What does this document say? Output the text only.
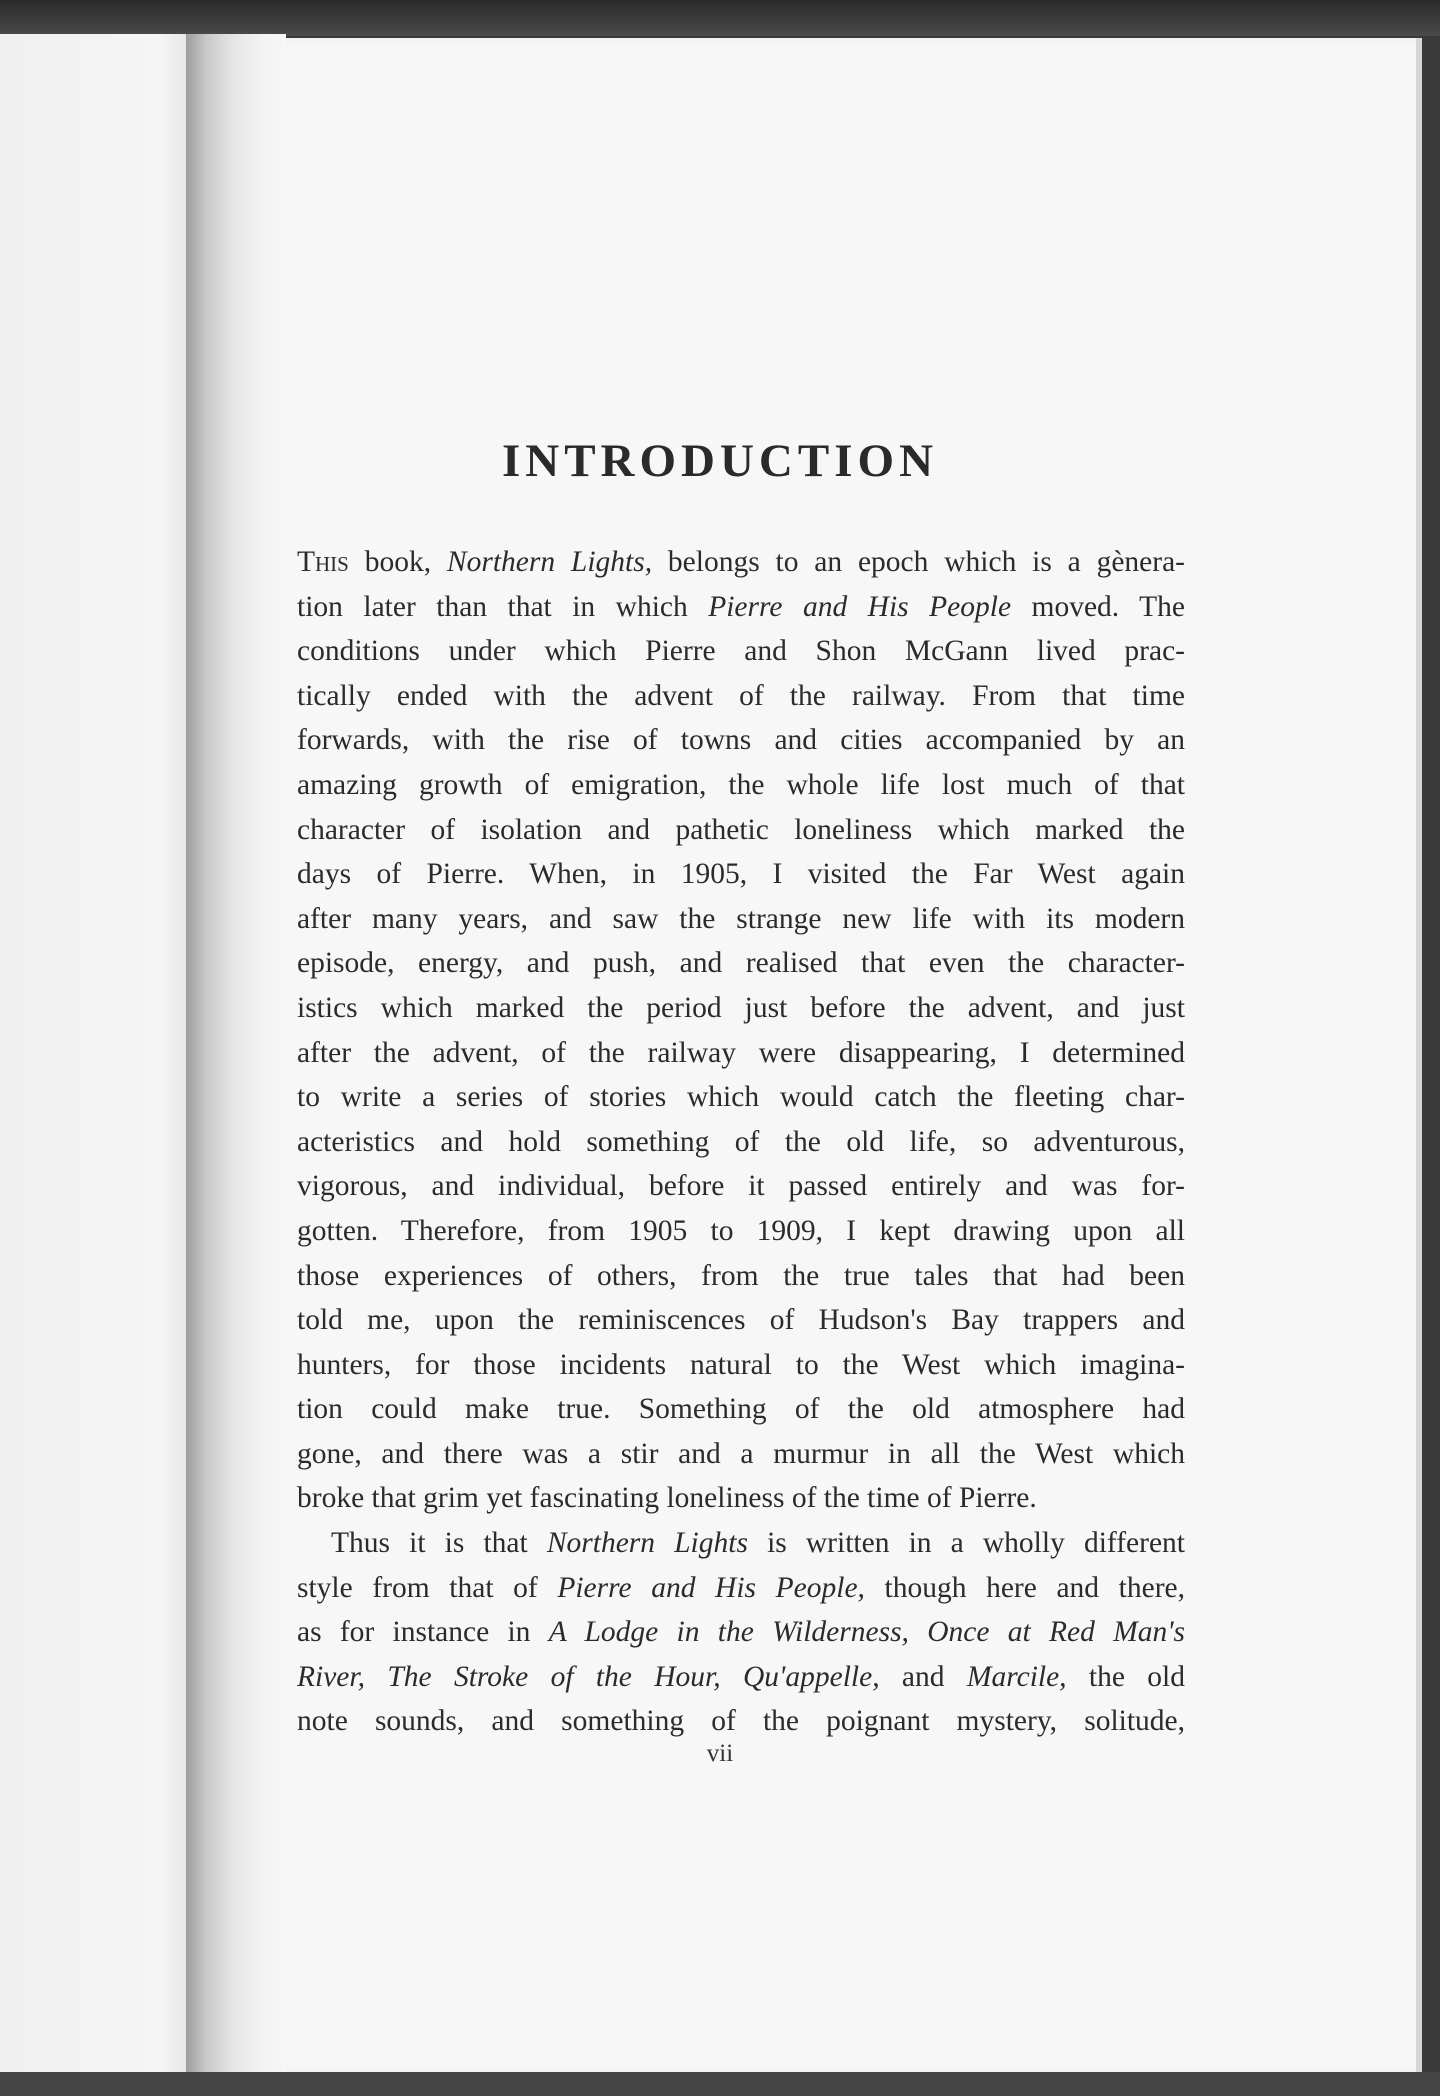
INTRODUCTION
This book, Northern Lights, belongs to an epoch which is a gènera-
tion later than that in which Pierre and His People moved. The
conditions under which Pierre and Shon McGann lived prac-
tically ended with the advent of the railway. From that time
forwards, with the rise of towns and cities accompanied by an
amazing growth of emigration, the whole life lost much of that
character of isolation and pathetic loneliness which marked the
days of Pierre. When, in 1905, I visited the Far West again
after many years, and saw the strange new life with its modern
episode, energy, and push, and realised that even the character-
istics which marked the period just before the advent, and just
after the advent, of the railway were disappearing, I determined
to write a series of stories which would catch the fleeting char-
acteristics and hold something of the old life, so adventurous,
vigorous, and individual, before it passed entirely and was for-
gotten. Therefore, from 1905 to 1909, I kept drawing upon all
those experiences of others, from the true tales that had been
told me, upon the reminiscences of Hudson's Bay trappers and
hunters, for those incidents natural to the West which imagina-
tion could make true. Something of the old atmosphere had
gone, and there was a stir and a murmur in all the West which
broke that grim yet fascinating loneliness of the time of Pierre.
Thus it is that Northern Lights is written in a wholly different
style from that of Pierre and His People, though here and there,
as for instance in A Lodge in the Wilderness, Once at Red Man's
River, The Stroke of the Hour, Qu'appelle, and Marcile, the old
note sounds, and something of the poignant mystery, solitude,
vii
